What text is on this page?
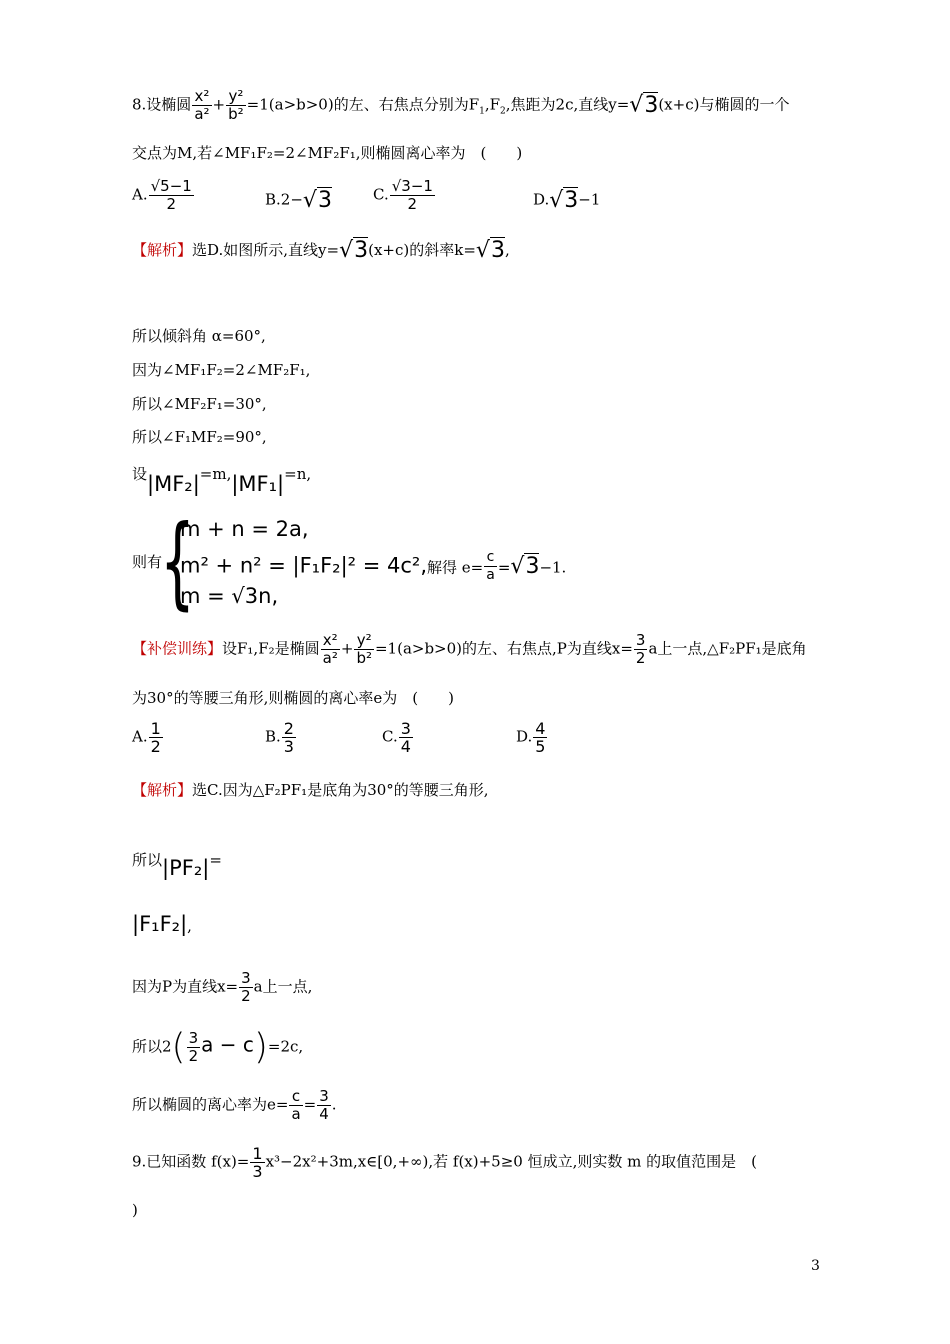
8.设椭圆 $\frac{\text{x²}}{\text{a²}} + \frac{\text{y²}}{\text{b²}} =1(a>b>0)$的左、右焦点分别为$F_1,F_2$,焦距为2c,直线y=√3(x+c)与椭圆的一个
交点为M,若∠MF₁F₂=2∠MF₂F₁,则椭圆离心率为　(　　)
A. $\frac{√5-1}{2}$	B.2−√3	C. $\frac{√3-1}{2}$	D.√3−1
【解析】选D.如图所示,直线y=√3(x+c)的斜率k=√3,
所以倾斜角 α=60°,
因为∠MF₁F₂=2∠MF₂F₁,
所以∠MF₂F₁=30°,
所以∠F₁MF₂=90°,
设|MF₂|=m,|MF₁|=n,
则有
{
m + n = 2a,
m² + n² = |F₁F₂|² = 4c²,解得 $e= \frac{c}{a} =√3-1$.
m = √3n,
【补偿训练】设F₁,F₂是椭圆 $\frac{\text{x²}}{\text{a²}} + \frac{\text{y²}}{\text{b²}} =1(a>b>0)$的左、右焦点,P为直线$x= \frac{3}{2}$ a上一点,△F₂PF₁是底角
为30°的等腰三角形,则椭圆的离心率e为　(　　)
A. $\frac{1}{2}$	B. $\frac{2}{3}$	C. $\frac{3}{4}$	D. $\frac{4}{5}$
【解析】选C.因为△F₂PF₁是底角为30°的等腰三角形,
所以|PF₂|=
|F₁F₂|,
因为P为直线$x= \frac{3}{2}$ a上一点,
所以$2( \frac{3}{2}$ a − c)=2c,
所以椭圆的离心率为$e= \frac{c}{a} = \frac{3}{4}$ .
9.已知函数 $f(x)= \frac{1}{3}$ x³−2x²+3m,x∈[0,+∞),若 f(x)+5≥0 恒成立,则实数 m 的取值范围是　(
)
3
